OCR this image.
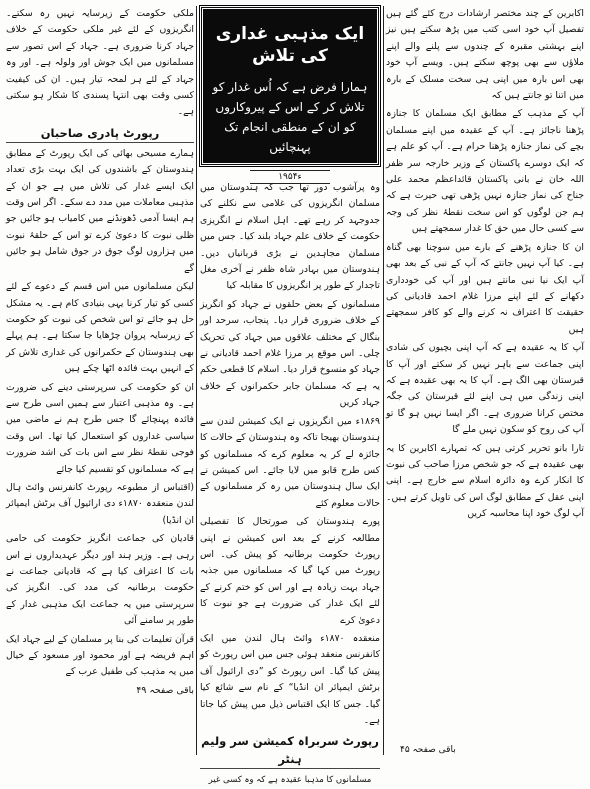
اکابرین کے چند مختصر ارشادات درج کئے گئے ہیں تفصیل آپ خود اسی کتب میں پڑھ سکتے ہیں نیز اپنے بہشتی مقبرہ کے چندوں سے پلنے والے اپنے ملاؤں سے بھی پوچھ سکتے ہیں۔ ویسے آپ خود بھی اس بارہ میں اپنی ہی سخت مسلک کے بارہ میں اتنا تو جانتے ہیں کہ

آپ کے مذہب کے مطابق ایک مسلمان کا جنازہ پڑھنا ناجائز ہے۔ آپ کے عقیدہ میں اپنے مسلمان بچے کی نماز جنازہ پڑھنا حرام ہے۔ آپ کو علم ہے کہ ایک دوسرے پاکستان کے وزیر خارجہ سر ظفر اللہ خان نے بانی پاکستان قائداعظم محمد علی جناح کی نماز جنازہ نہیں پڑھی تھی حیرت ہے کہ ہم جن لوگوں کو اس سخت نقطۂ نظر کی وجہ سے کسی حال میں حق کا غدار سمجھتے ہیں

ان کا جنازہ پڑھنے کے بارے میں سوچنا بھی گناہ ہے۔ کیا آپ نہیں جانتے کہ آپ کے نبی کے بعد بھی آپ ایک نیا نبی مانتے ہیں اور آپ کی خودداری دکھانے کے لئے اپنے مرزا غلام احمد قادیانی کی حقیقت کا اعتراف نہ کرنے والے کو کافر سمجھتے ہیں

آپ کا یہ عقیدہ ہے کہ آپ اپنی بچیوں کی شادی اپنی جماعت سے باہر نہیں کر سکتے اور آپ کا قبرستان بھی الگ ہے۔ آپ کا یہ بھی عقیدہ ہے کہ اپنی زندگی میں ہی اپنے لئے قبرستان کی جگہ مختص کرانا ضروری ہے۔ اگر ایسا نہیں ہو گا تو آپ کی روح کو سکون نہیں ملے گا

تارا بانو تحریر کرتی ہیں کہ تمہارے اکابرین کا یہ بھی عقیدہ ہے کہ جو شخص مرزا صاحب کی نبوت کا انکار کرے وہ دائرہ اسلام سے خارج ہے۔ اپنی اپنی عقل کے مطابق لوگ اس کی تاویل کرتے ہیں۔ آپ لوگ خود اپنا محاسبہ کریں

ایک مذہبی غداری کی تلاش
ہمارا فرض ہے کہ اُس غدار کو تلاش کر کے اس کے پیروکاروں کو ان کے منطقی انجام تک پہنچائیں
۱۹۵۴ء

وہ پرآشوب دور تھا جب کہ ہندوستان میں مسلمان انگریزوں کی غلامی سے نکلنے کی جدوجہد کر رہے تھے۔ اہل اسلام نے انگریزی حکومت کے خلاف علم جہاد بلند کیا۔ جس میں مسلمان مجاہدین نے بڑی قربانیاں دیں۔ ہندوستان میں بہادر شاہ ظفر نے آخری مغل تاجدار کے طور پر انگریزوں کا مقابلہ کیا

مسلمانوں کے بعض حلقوں نے جہاد کو انگریز کے خلاف ضروری قرار دیا۔ پنجاب، سرحد اور بنگال کے مختلف علاقوں میں جہاد کی تحریک چلی۔ اس موقع پر مرزا غلام احمد قادیانی نے جہاد کو منسوخ قرار دیا۔ اسلام کا قطعی حکم یہ ہے کہ مسلمان جابر حکمرانوں کے خلاف جہاد کریں

۱۸۶۹ء میں انگریزوں نے ایک کمیشن لندن سے ہندوستان بھیجا تاکہ وہ ہندوستان کے حالات کا جائزہ لے کر یہ معلوم کرے کہ مسلمانوں کو کس طرح قابو میں لایا جائے۔ اس کمیشن نے ایک سال ہندوستان میں رہ کر مسلمانوں کے حالات معلوم کئے

پورے ہندوستان کی صورتحال کا تفصیلی مطالعہ کرنے کے بعد اس کمیشن نے اپنی رپورٹ حکومت برطانیہ کو پیش کی۔ اس رپورٹ میں کہا گیا کہ مسلمانوں میں جذبہ جہاد بہت زیادہ ہے اور اس کو ختم کرنے کے لئے ایک غدار کی ضرورت ہے جو نبوت کا دعویٰ کرے

منعقدہ ۱۸۷۰ء وائٹ ہال لندن میں ایک کانفرنس منعقد ہوئی جس میں اس رپورٹ کو پیش کیا گیا۔ اس رپورٹ کو ”دی ارائیول آف برٹش ایمپائر ان انڈیا“ کے نام سے شائع کیا گیا۔ جس کا ایک اقتباس ذیل میں پیش کیا جاتا ہے۔

رپورٹ سربراہ کمیشن سر ولیم ہنٹر
مسلمانوں کا مذہبا عقیدہ ہے کہ وہ کسی غیر

ملکی حکومت کے زیرسایہ نہیں رہ سکتے۔ انگریزوں کے لئے غیر ملکی حکومت کے خلاف جہاد کرنا ضروری ہے۔ جہاد کے اس تصور سے مسلمانوں میں ایک جوش اور ولولہ ہے۔ اور وہ جہاد کے لئے ہر لمحہ تیار ہیں۔ ان کی کیفیت کسی وقت بھی انتہا پسندی کا شکار ہو سکتی ہے۔

رپورٹ پادری صاحبان

ہمارے مسیحی بھائی کی ایک رپورٹ کے مطابق ہندوستان کے باشندوں کی ایک بہت بڑی تعداد ایک ایسے غدار کی تلاش میں ہے جو ان کے مذہبی معاملات میں مدد دے سکے۔ اگر اس وقت ہم ایسا آدمی ڈھونڈنے میں کامیاب ہو جائیں جو ظلی نبوت کا دعویٰ کرے تو اس کے حلقۂ نبوت میں ہزاروں لوگ جوق در جوق شامل ہو جائیں گے

لیکن مسلمانوں میں اس قسم کے دعوے کے لئے کسی کو تیار کرنا یہی بنیادی کام ہے۔ یہ مشکل حل ہو جائے تو اس شخص کی نبوت کو حکومت کے زیرسایہ پروان چڑھایا جا سکتا ہے۔ ہم پہلے بھی ہندوستان کے حکمرانوں کی غداری تلاش کر کے انہیں بہت فائدہ اٹھا چکے ہیں

ان کو حکومت کی سرپرستی دینے کی ضرورت ہے۔ وہ مذہبی اعتبار سے ہمیں اسی طرح سے فائدہ پہنچائے گا جس طرح ہم نے ماضی میں سیاسی غداروں کو استعمال کیا تھا۔ اس وقت فوجی نقطۂ نظر سے اس بات کی اشد ضرورت ہے کہ مسلمانوں کو تقسیم کیا جائے

(اقتباس از مطبوعہ رپورٹ کانفرنس وائٹ ہال لندن منعقدہ ۱۸۷۰ء دی ارائیول آف برٹش ایمپائر ان انڈیا)

قادیان کی جماعت انگریز حکومت کی حامی رہی ہے۔ وزیر ہند اور دیگر عہدیداروں نے اس بات کا اعتراف کیا ہے کہ قادیانی جماعت نے حکومت برطانیہ کی مدد کی۔ انگریز کی سرپرستی میں یہ جماعت ایک مذہبی غدار کے طور پر سامنے آئی

قرآن تعلیمات کی بنا پر مسلمان کے لیے جہاد ایک اہم فریضہ ہے اور محمود اور مسعود کے خیال میں یہ مذہب کی طفیل عرب کے

باقی صفحہ ۴۹
باقی صفحہ ۴۵
